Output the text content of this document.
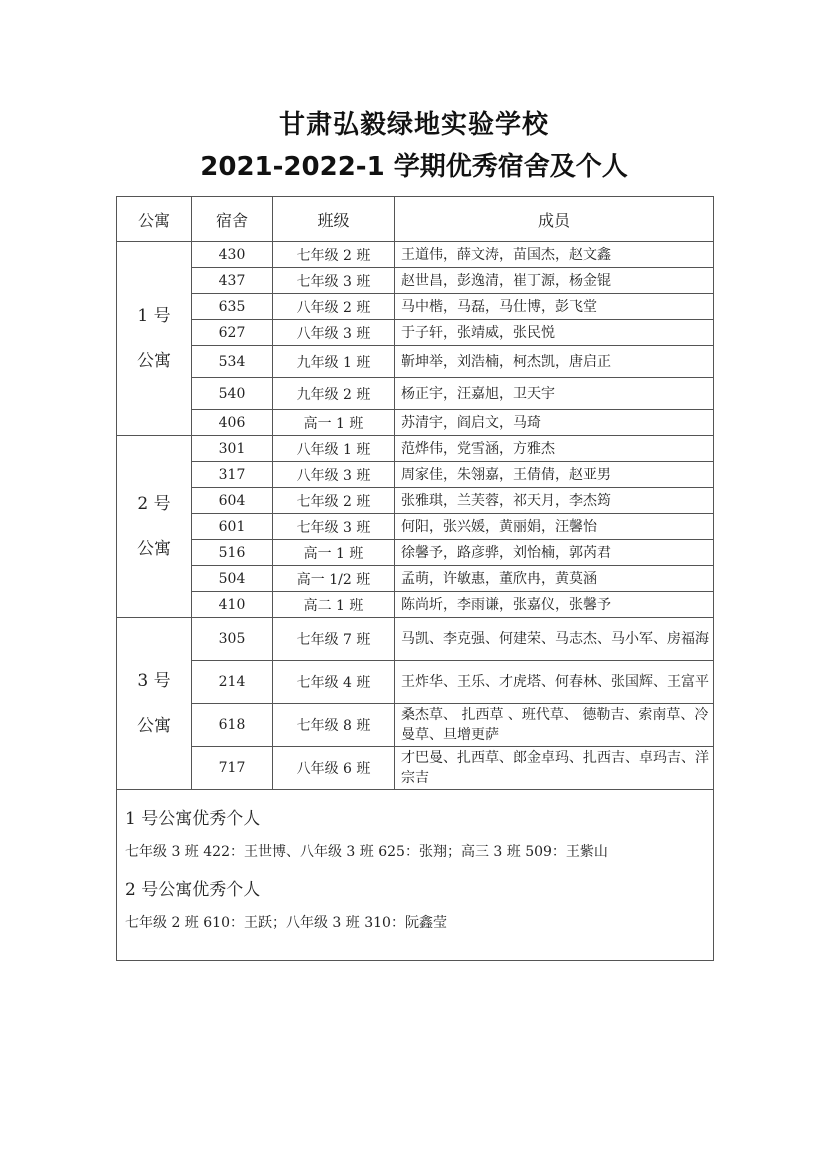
甘肃弘毅绿地实验学校
2021-2022-1 学期优秀宿舍及个人
公寓	宿舍	班级	成员
1 号
公寓	430	七年级 2 班	王道伟，薛文涛，苗国杰，赵文鑫
	437	七年级 3 班	赵世昌，彭逸清，崔丁源，杨金锟
	635	八年级 2 班	马中楷，马磊，马仕博，彭飞堂
	627	八年级 3 班	于子轩，张靖威，张民悦
	534	九年级 1 班	靳坤举，刘浩楠，柯杰凯，唐启正
	540	九年级 2 班	杨正宇，汪嘉旭，卫天宇
	406	高一 1 班	苏清宇，阎启文，马琦
2 号
公寓	301	八年级 1 班	范烨伟，党雪涵，方雅杰
	317	八年级 3 班	周家佳，朱翎嘉，王倩倩，赵亚男
	604	七年级 2 班	张雅琪，兰芙蓉，祁天月，李杰筠
	601	七年级 3 班	何阳，张兴媛，黄丽娟，汪馨怡
	516	高一 1 班	徐馨予，路彦骅，刘怡楠，郭芮君
	504	高一 1/2 班	孟萌，许敏惠，董欣冉，黄莫涵
	410	高二 1 班	陈尚圻，李雨谦，张嘉仪，张馨予
3 号
公寓	305	七年级 7 班	马凯、李克强、何建荣、马志杰、马小军、房福海
	214	七年级 4 班	王炸华、王乐、才虎塔、何春林、张国辉、王富平
	618	七年级 8 班	桑杰草、 扎西草 、班代草、 德勒吉、索南草、冷曼草、旦增更萨
	717	八年级 6 班	才巴曼、扎西草、郎金卓玛、扎西吉、卓玛吉、洋宗吉

1 号公寓优秀个人
七年级 3 班 422：王世博、八年级 3 班 625：张翔；高三 3 班 509：王紫山
2 号公寓优秀个人
七年级 2 班 610：王跃；八年级 3 班 310：阮鑫莹			
